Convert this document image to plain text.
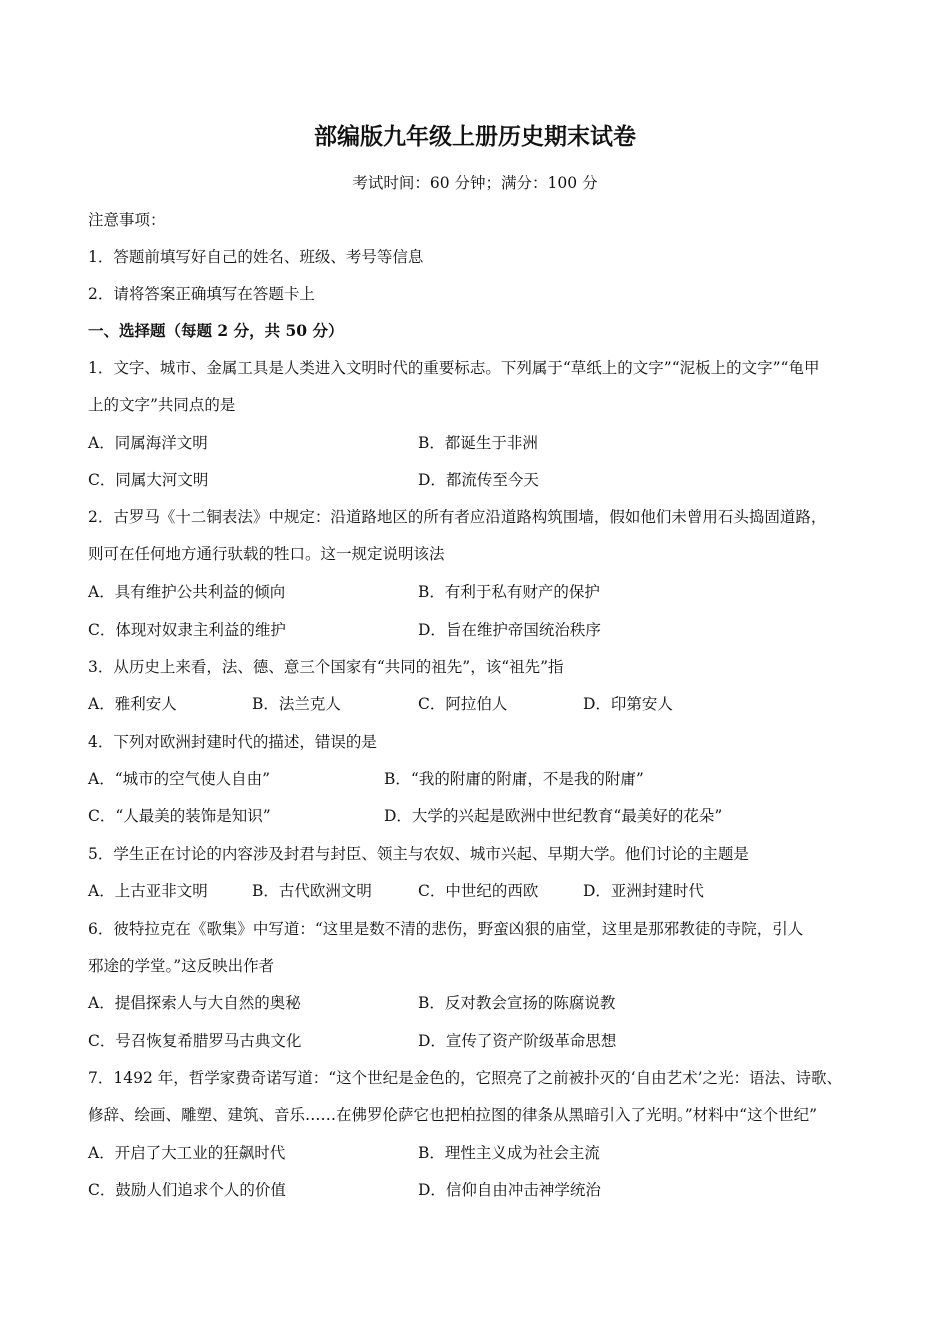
部编版九年级上册历史期末试卷
考试时间：60 分钟；满分：100 分
注意事项：
1．答题前填写好自己的姓名、班级、考号等信息
2．请将答案正确填写在答题卡上
一、选择题（每题 2 分，共 50 分）
1．文字、城市、金属工具是人类进入文明时代的重要标志。下列属于“草纸上的文字”“泥板上的文字”“龟甲
上的文字”共同点的是
A．同属海洋文明	B．都诞生于非洲
C．同属大河文明	D．都流传至今天
2．古罗马《十二铜表法》中规定：沿道路地区的所有者应沿道路构筑围墙，假如他们未曾用石头捣固道路，
则可在任何地方通行驮载的牲口。这一规定说明该法
A．具有维护公共利益的倾向	B．有利于私有财产的保护
C．体现对奴隶主利益的维护	D．旨在维护帝国统治秩序
3．从历史上来看，法、德、意三个国家有“共同的祖先”，该“祖先”指
A．雅利安人	B．法兰克人	C．阿拉伯人	D．印第安人
4．下列对欧洲封建时代的描述，错误的是
A．“城市的空气使人自由”	B．“我的附庸的附庸，不是我的附庸”
C．“人最美的装饰是知识”	D．大学的兴起是欧洲中世纪教育“最美好的花朵”
5．学生正在讨论的内容涉及封君与封臣、领主与农奴、城市兴起、早期大学。他们讨论的主题是
A．上古亚非文明	B．古代欧洲文明	C．中世纪的西欧	D．亚洲封建时代
6．彼特拉克在《歌集》中写道：“这里是数不清的悲伤，野蛮凶狠的庙堂，这里是那邪教徒的寺院，引人
邪途的学堂。”这反映出作者
A．提倡探索人与大自然的奥秘	B．反对教会宣扬的陈腐说教
C．号召恢复希腊罗马古典文化	D．宣传了资产阶级革命思想
7．1492 年，哲学家费奇诺写道：“这个世纪是金色的，它照亮了之前被扑灭的‘自由艺术’之光：语法、诗歌、
修辞、绘画、雕塑、建筑、音乐……在佛罗伦萨它也把柏拉图的律条从黑暗引入了光明。”材料中“这个世纪”
A．开启了大工业的狂飙时代	B．理性主义成为社会主流
C．鼓励人们追求个人的价值	D．信仰自由冲击神学统治
